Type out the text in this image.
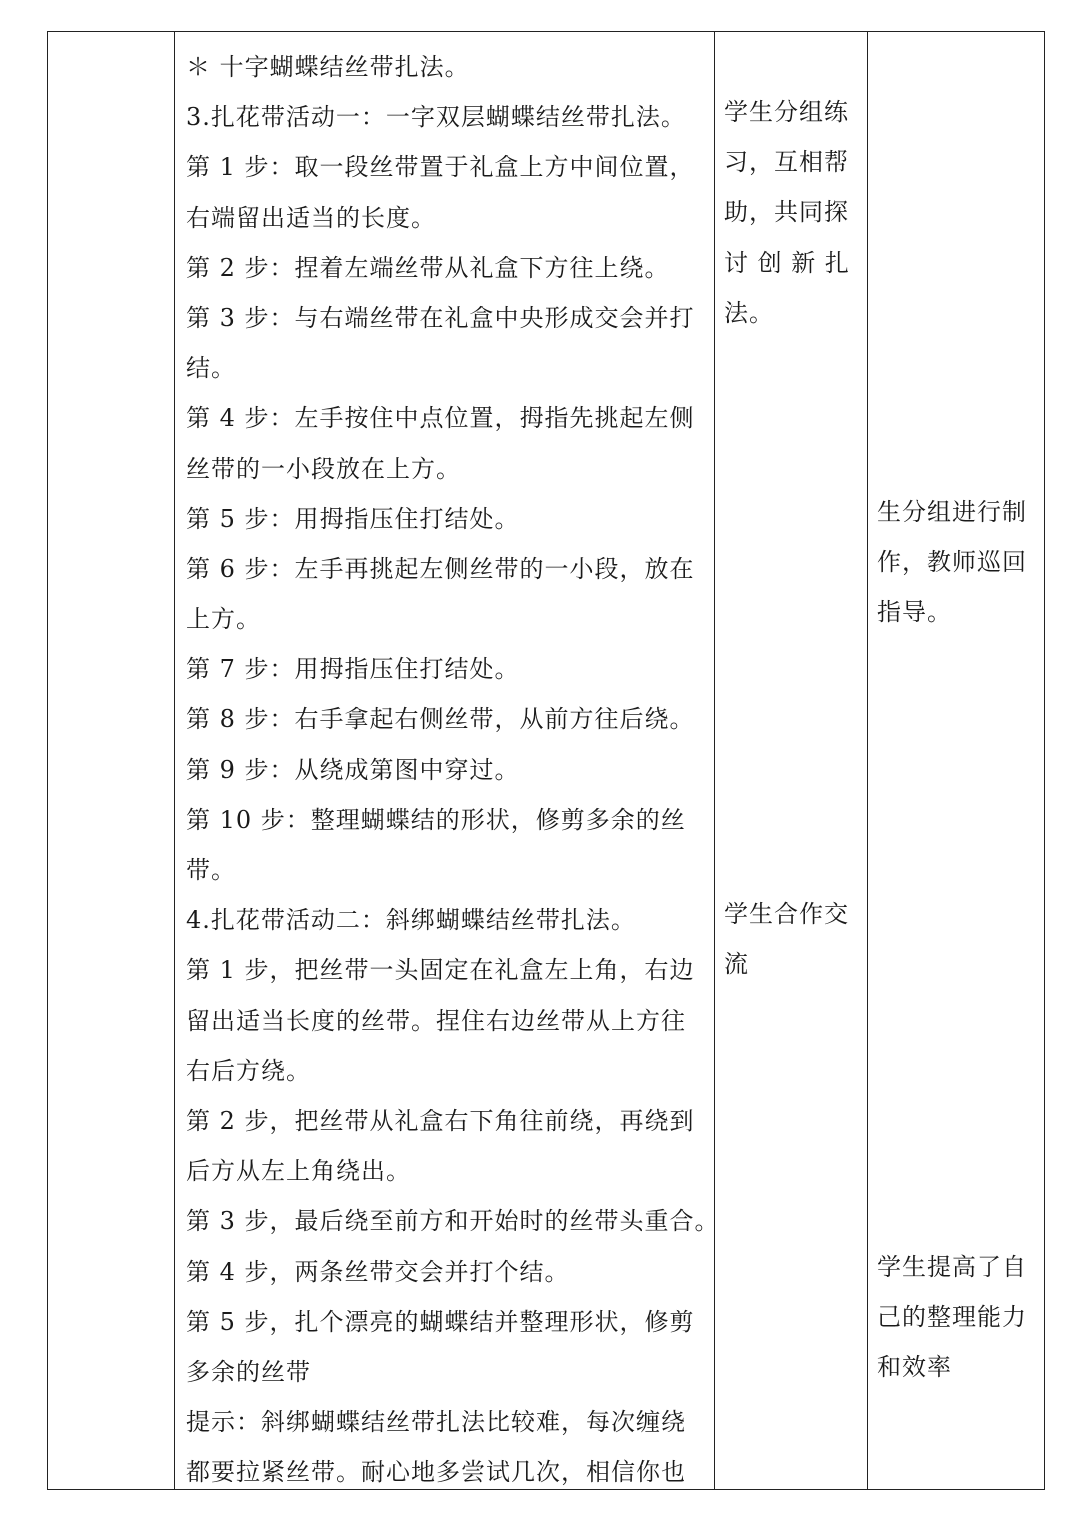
＊ 十字蝴蝶结丝带扎法。
3.扎花带活动一：一字双层蝴蝶结丝带扎法。
第 1 步：取一段丝带置于礼盒上方中间位置，
右端留出适当的长度。
第 2 步：捏着左端丝带从礼盒下方往上绕。
第 3 步：与右端丝带在礼盒中央形成交会并打
结。
第 4 步：左手按住中点位置，拇指先挑起左侧
丝带的一小段放在上方。
第 5 步：用拇指压住打结处。
第 6 步：左手再挑起左侧丝带的一小段，放在
上方。
第 7 步：用拇指压住打结处。
第 8 步：右手拿起右侧丝带，从前方往后绕。
第 9 步：从绕成第图中穿过。
第 10 步：整理蝴蝶结的形状，修剪多余的丝
带。
4.扎花带活动二：斜绑蝴蝶结丝带扎法。
第 1 步，把丝带一头固定在礼盒左上角，右边
留出适当长度的丝带。捏住右边丝带从上方往
右后方绕。
第 2 步，把丝带从礼盒右下角往前绕，再绕到
后方从左上角绕出。
第 3 步，最后绕至前方和开始时的丝带头重合。
第 4 步，两条丝带交会并打个结。
第 5 步，扎个漂亮的蝴蝶结并整理形状，修剪
多余的丝带
提示：斜绑蝴蝶结丝带扎法比较难，每次缠绕
都要拉紧丝带。耐心地多尝试几次，相信你也
学生分组练
习，互相帮
助，共同探
讨 创 新 扎
法。
学生合作交
流
生分组进行制
作，教师巡回
指导。
学生提高了自
己的整理能力
和效率
